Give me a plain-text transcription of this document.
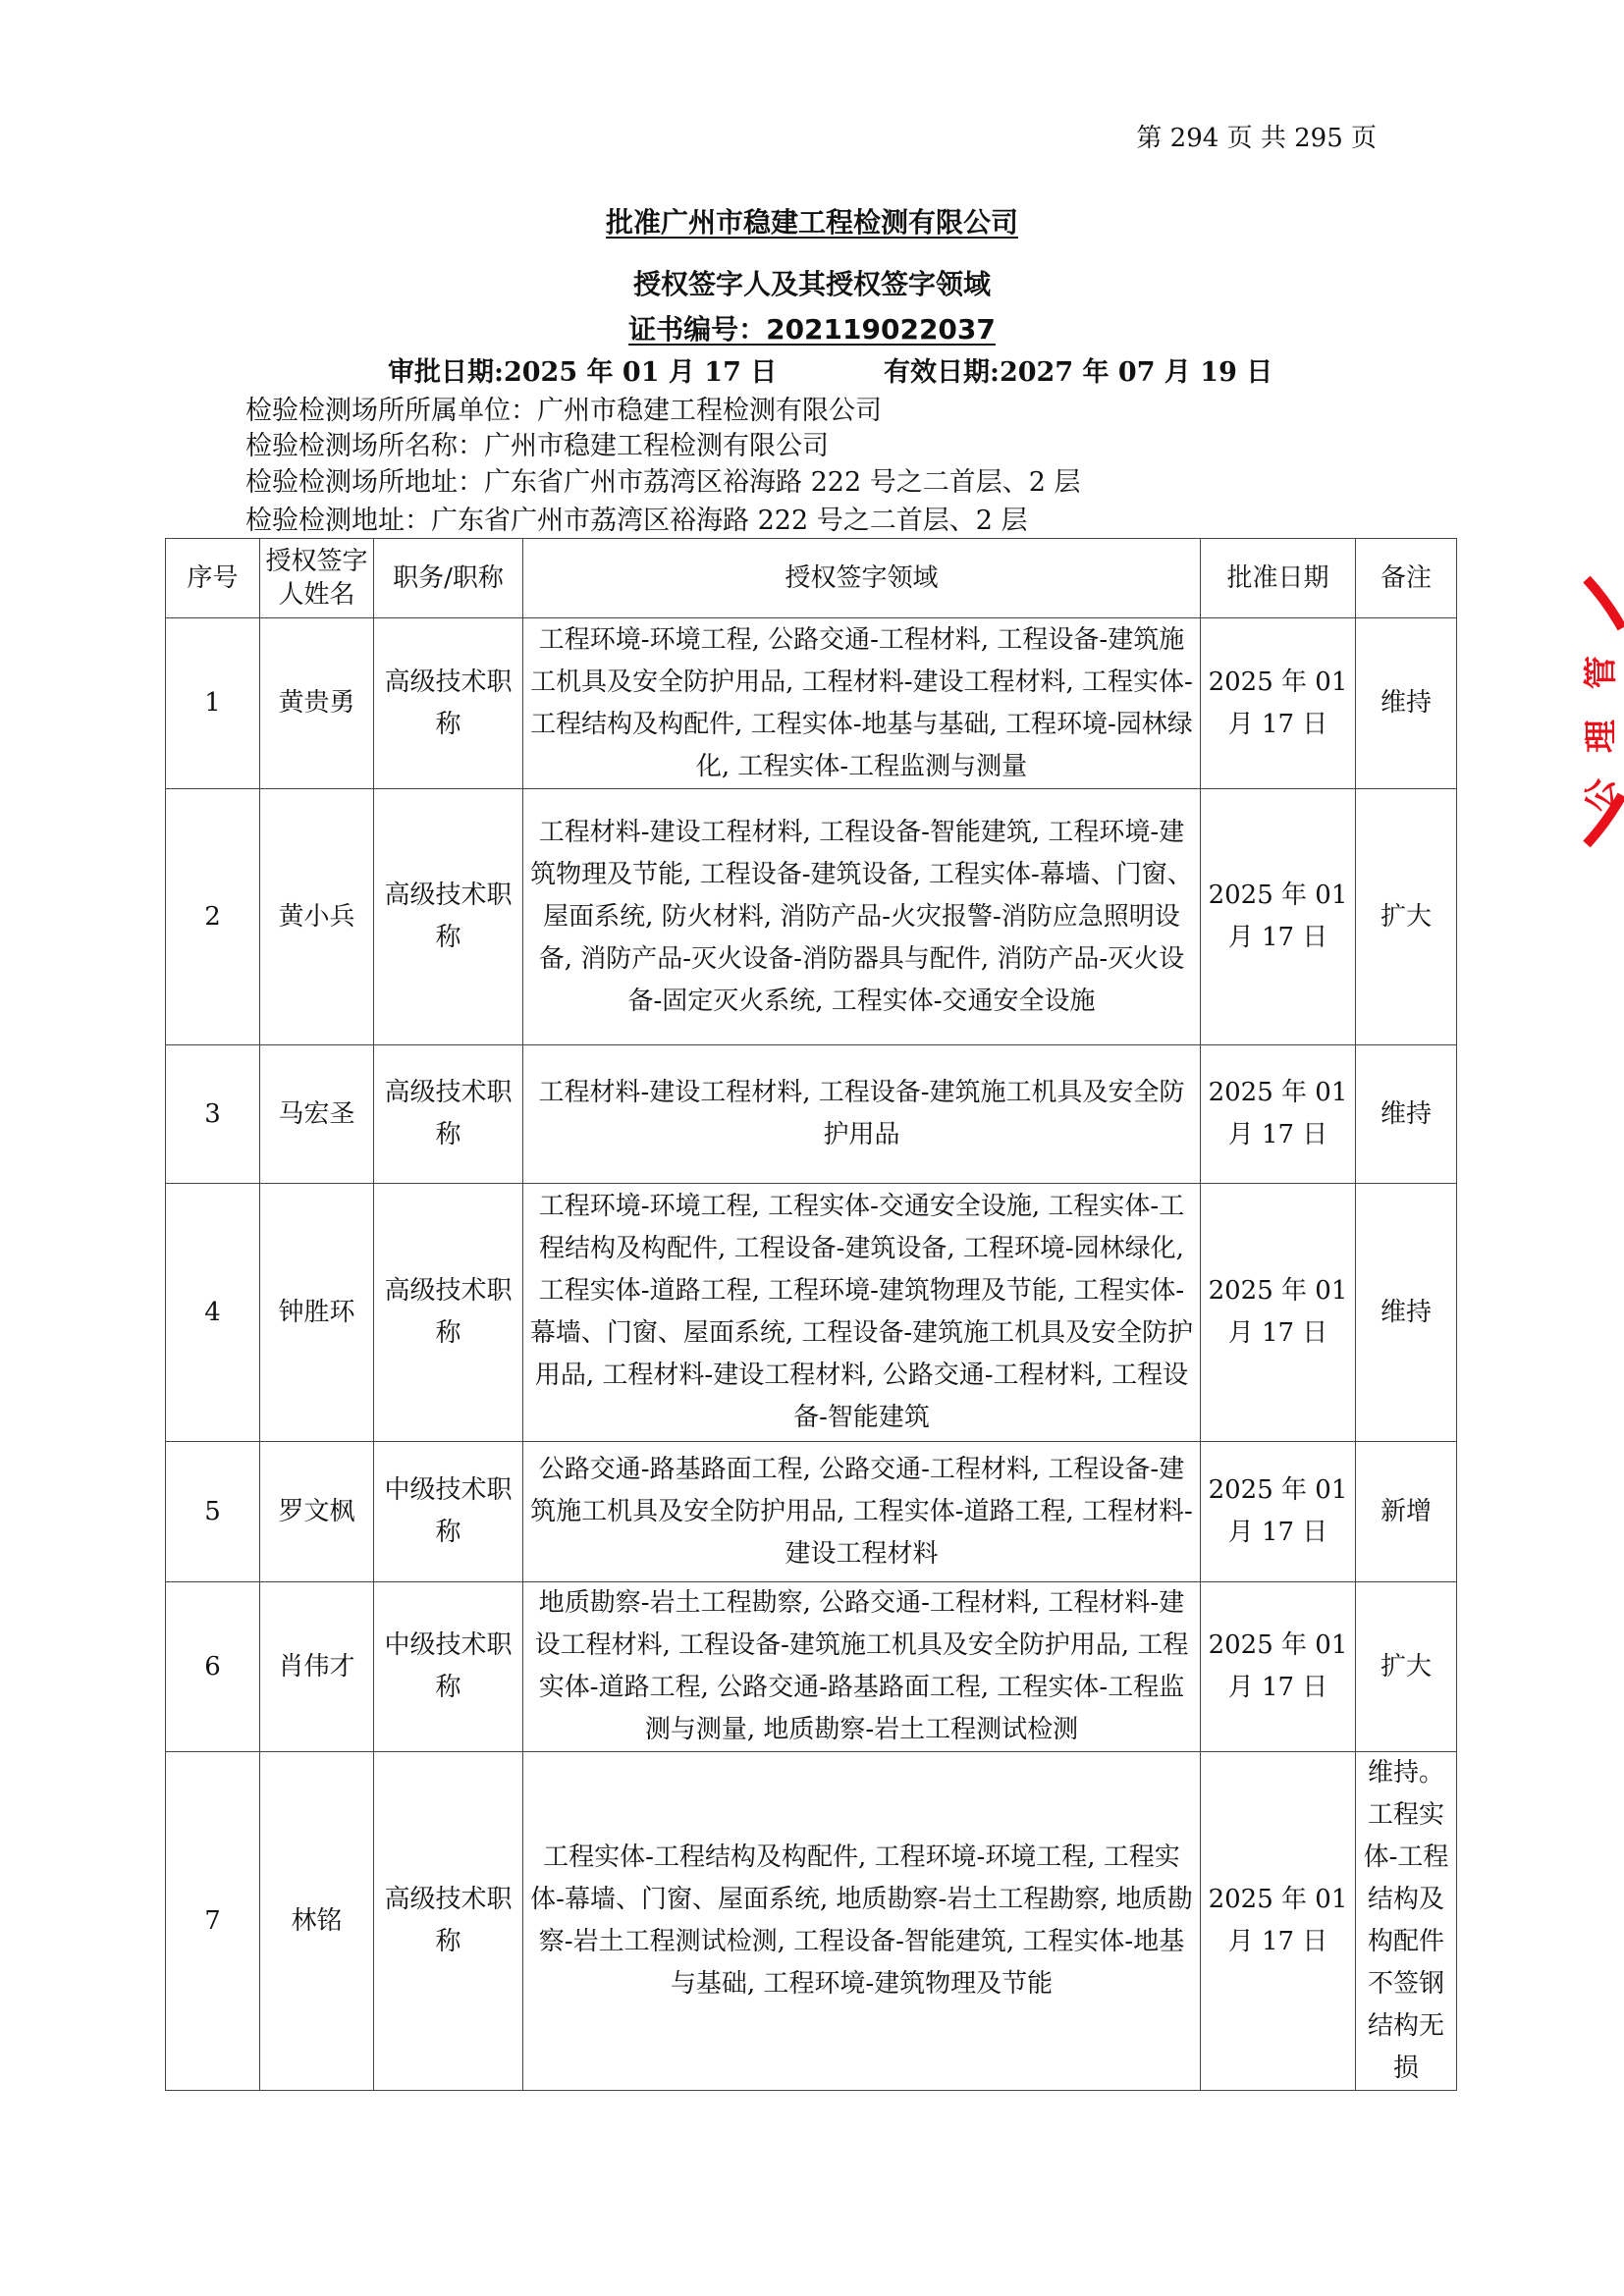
第 294 页 共 295 页
批准广州市稳建工程检测有限公司
授权签字人及其授权签字领域
证书编号：202119022037
审批日期:2025 年 01 月 17 日	有效日期:2027 年 07 月 19 日
检验检测场所所属单位：广州市稳建工程检测有限公司
检验检测场所名称：广州市稳建工程检测有限公司
检验检测场所地址：广东省广州市荔湾区裕海路 222 号之二首层、2 层
检验检测地址：广东省广州市荔湾区裕海路 222 号之二首层、2 层
序号	授权签字人姓名	职务/职称	授权签字领域	批准日期	备注
1	黄贵勇	高级技术职称	工程环境-环境工程, 公路交通-工程材料, 工程设备-建筑施工机具及安全防护用品, 工程材料-建设工程材料, 工程实体-工程结构及构配件, 工程实体-地基与基础, 工程环境-园林绿化, 工程实体-工程监测与测量	2025 年 01 月 17 日	维持
2	黄小兵	高级技术职称	工程材料-建设工程材料, 工程设备-智能建筑, 工程环境-建筑物理及节能, 工程设备-建筑设备, 工程实体-幕墙、门窗、屋面系统, 防火材料, 消防产品-火灾报警-消防应急照明设备, 消防产品-灭火设备-消防器具与配件, 消防产品-灭火设备-固定灭火系统, 工程实体-交通安全设施	2025 年 01 月 17 日	扩大
3	马宏圣	高级技术职称	工程材料-建设工程材料, 工程设备-建筑施工机具及安全防护用品	2025 年 01 月 17 日	维持
4	钟胜环	高级技术职称	工程环境-环境工程, 工程实体-交通安全设施, 工程实体-工程结构及构配件, 工程设备-建筑设备, 工程环境-园林绿化, 工程实体-道路工程, 工程环境-建筑物理及节能, 工程实体-幕墙、门窗、屋面系统, 工程设备-建筑施工机具及安全防护用品, 工程材料-建设工程材料, 公路交通-工程材料, 工程设备-智能建筑	2025 年 01 月 17 日	维持
5	罗文枫	中级技术职称	公路交通-路基路面工程, 公路交通-工程材料, 工程设备-建筑施工机具及安全防护用品, 工程实体-道路工程, 工程材料-建设工程材料	2025 年 01 月 17 日	新增
6	肖伟才	中级技术职称	地质勘察-岩土工程勘察, 公路交通-工程材料, 工程材料-建设工程材料, 工程设备-建筑施工机具及安全防护用品, 工程实体-道路工程, 公路交通-路基路面工程, 工程实体-工程监测与测量, 地质勘察-岩土工程测试检测	2025 年 01 月 17 日	扩大
7	林铭	高级技术职称	工程实体-工程结构及构配件, 工程环境-环境工程, 工程实体-幕墙、门窗、屋面系统, 地质勘察-岩土工程勘察, 地质勘察-岩土工程测试检测, 工程设备-智能建筑, 工程实体-地基与基础, 工程环境-建筑物理及节能	2025 年 01 月 17 日	维持。工程实体-工程结构及构配件不签钢结构无损
管
理
公
